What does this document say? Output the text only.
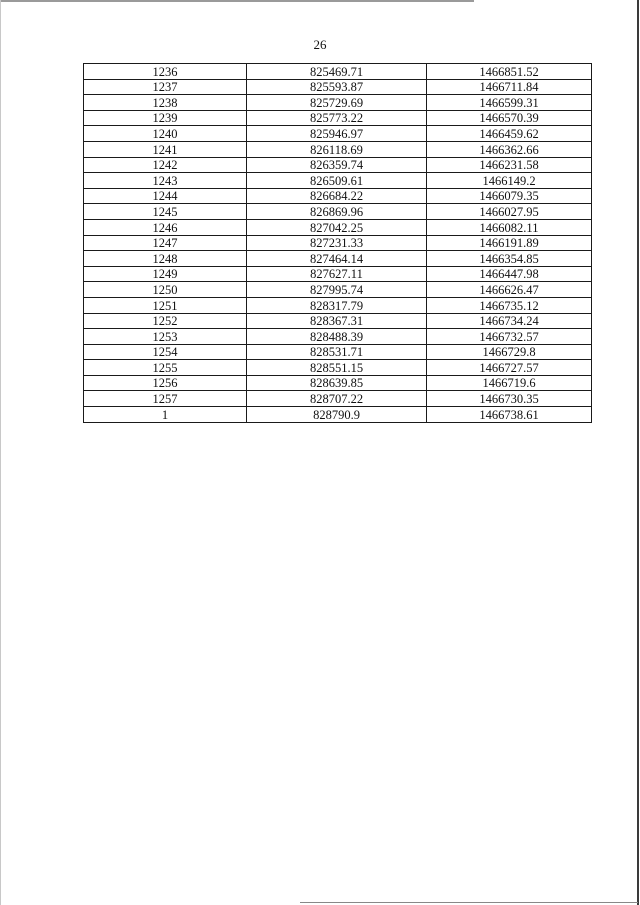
26
1236	825469.71	1466851.52
1237	825593.87	1466711.84
1238	825729.69	1466599.31
1239	825773.22	1466570.39
1240	825946.97	1466459.62
1241	826118.69	1466362.66
1242	826359.74	1466231.58
1243	826509.61	1466149.2
1244	826684.22	1466079.35
1245	826869.96	1466027.95
1246	827042.25	1466082.11
1247	827231.33	1466191.89
1248	827464.14	1466354.85
1249	827627.11	1466447.98
1250	827995.74	1466626.47
1251	828317.79	1466735.12
1252	828367.31	1466734.24
1253	828488.39	1466732.57
1254	828531.71	1466729.8
1255	828551.15	1466727.57
1256	828639.85	1466719.6
1257	828707.22	1466730.35
1	828790.9	1466738.61
